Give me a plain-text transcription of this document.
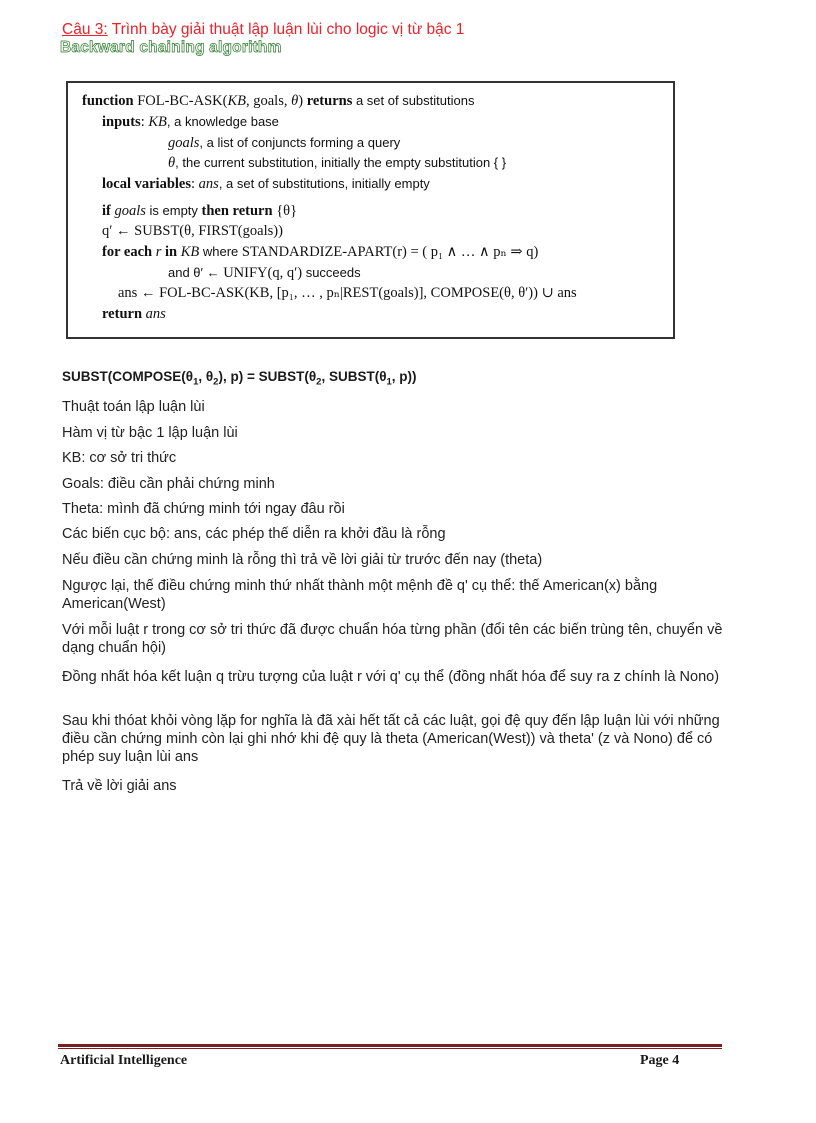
Câu 3: Trình bày giải thuật lập luận lùi cho logic vị từ bậc 1
Backward chaining algorithm
function FOL-BC-ASK(KB, goals, θ) returns a set of substitutions
inputs: KB, a knowledge base
goals, a list of conjuncts forming a query
θ, the current substitution, initially the empty substitution { }
local variables: ans, a set of substitutions, initially empty
if goals is empty then return {θ}
q′ ← SUBST(θ, FIRST(goals))
for each r in KB where STANDARDIZE-APART(r) = ( p₁ ∧ … ∧ pₙ ⇒ q)
and θ′ ← UNIFY(q, q′) succeeds
ans ← FOL-BC-ASK(KB, [p₁, … , pₙ|REST(goals)], COMPOSE(θ, θ′)) ∪ ans
return ans
$SUBST(COMPOSE(\theta_1$, $\theta_2$), $p) = SUBST(\theta_2$, $SUBST(\theta_1$, p))
Thuật toán lập luận lùi
Hàm vị từ bậc 1 lập luận lùi
KB: cơ sở tri thức
Goals: điều cần phải chứng minh
Theta: mình đã chứng minh tới ngay đâu rồi
Các biến cục bộ: ans, các phép thế diễn ra khởi đầu là rỗng
Nếu điều cần chứng minh là rỗng thì trả về lời giải từ trước đến nay (theta)
Ngược lại, thế điều chứng minh thứ nhất thành một mệnh đề q' cụ thể: thế American(x) bằng American(West)
Với mỗi luật r trong cơ sở tri thức đã được chuẩn hóa từng phần (đổi tên các biến trùng tên, chuyển về dạng chuẩn hội)
Đồng nhất hóa kết luận q trừu tượng của luật r với q' cụ thể (đồng nhất hóa để suy ra z chính là Nono)
Sau khi thóat khỏi vòng lặp for nghĩa là đã xài hết tất cả các luật, gọi đệ quy đến lập luận lùi với những điều cần chứng minh còn lại ghi nhớ khi đệ quy là theta (American(West)) và theta' (z và Nono) để có phép suy luận lùi ans
Trả về lời giải ans
Artificial Intelligence	Page 4
